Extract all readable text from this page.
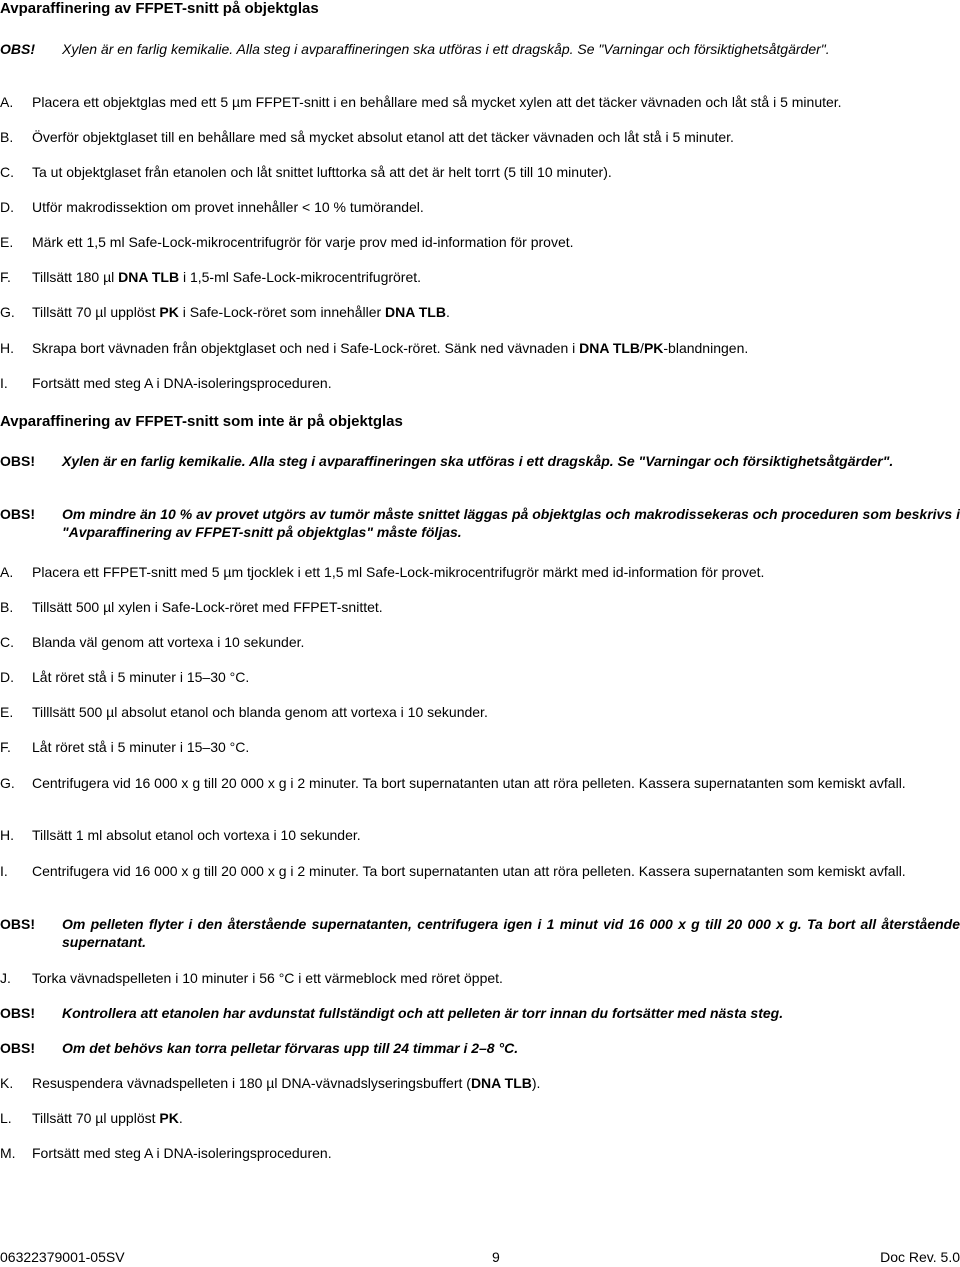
Avparaffinering av FFPET-snitt på objektglas
OBS! Xylen är en farlig kemikalie. Alla steg i avparaffineringen ska utföras i ett dragskåp. Se "Varningar och försiktighetsåtgärder".
A. Placera ett objektglas med ett 5 µm FFPET-snitt i en behållare med så mycket xylen att det täcker vävnaden och låt stå i 5 minuter.
B. Överför objektglaset till en behållare med så mycket absolut etanol att det täcker vävnaden och låt stå i 5 minuter.
C. Ta ut objektglaset från etanolen och låt snittet lufttorka så att det är helt torrt (5 till 10 minuter).
D. Utför makrodissektion om provet innehåller < 10 % tumörandel.
E. Märk ett 1,5 ml Safe-Lock-mikrocentrifugrör för varje prov med id-information för provet.
F. Tillsätt 180 µl DNA TLB i 1,5-ml Safe-Lock-mikrocentrifugröret.
G. Tillsätt 70 µl upplöst PK i Safe-Lock-röret som innehåller DNA TLB.
H. Skrapa bort vävnaden från objektglaset och ned i Safe-Lock-röret. Sänk ned vävnaden i DNA TLB/PK-blandningen.
I. Fortsätt med steg A i DNA-isoleringsproceduren.
Avparaffinering av FFPET-snitt som inte är på objektglas
OBS! Xylen är en farlig kemikalie. Alla steg i avparaffineringen ska utföras i ett dragskåp. Se "Varningar och försiktighetsåtgärder".
OBS! Om mindre än 10 % av provet utgörs av tumör måste snittet läggas på objektglas och makrodissekeras och proceduren som beskrivs i "Avparaffinering av FFPET-snitt på objektglas" måste följas.
A. Placera ett FFPET-snitt med 5 µm tjocklek i ett 1,5 ml Safe-Lock-mikrocentrifugrör märkt med id-information för provet.
B. Tillsätt 500 µl xylen i Safe-Lock-röret med FFPET-snittet.
C. Blanda väl genom att vortexa i 10 sekunder.
D. Låt röret stå i 5 minuter i 15–30 °C.
E. Tilllsätt 500 µl absolut etanol och blanda genom att vortexa i 10 sekunder.
F. Låt röret stå i 5 minuter i 15–30 °C.
G. Centrifugera vid 16 000 x g till 20 000 x g i 2 minuter. Ta bort supernatanten utan att röra pelleten. Kassera supernatanten som kemiskt avfall.
H. Tillsätt 1 ml absolut etanol och vortexa i 10 sekunder.
I. Centrifugera vid 16 000 x g till 20 000 x g i 2 minuter. Ta bort supernatanten utan att röra pelleten. Kassera supernatanten som kemiskt avfall.
OBS! Om pelleten flyter i den återstående supernatanten, centrifugera igen i 1 minut vid 16 000 x g till 20 000 x g. Ta bort all återstående supernatant.
J. Torka vävnadspelleten i 10 minuter i 56 °C i ett värmeblock med röret öppet.
OBS! Kontrollera att etanolen har avdunstat fullständigt och att pelleten är torr innan du fortsätter med nästa steg.
OBS! Om det behövs kan torra pelletar förvaras upp till 24 timmar i 2–8 °C.
K. Resuspendera vävnadspelleten i 180 µl DNA-vävnadslyseringsbuffert (DNA TLB).
L. Tillsätt 70 µl upplöst PK.
M. Fortsätt med steg A i DNA-isoleringsproceduren.
06322379001-05SV	9	Doc Rev. 5.0
